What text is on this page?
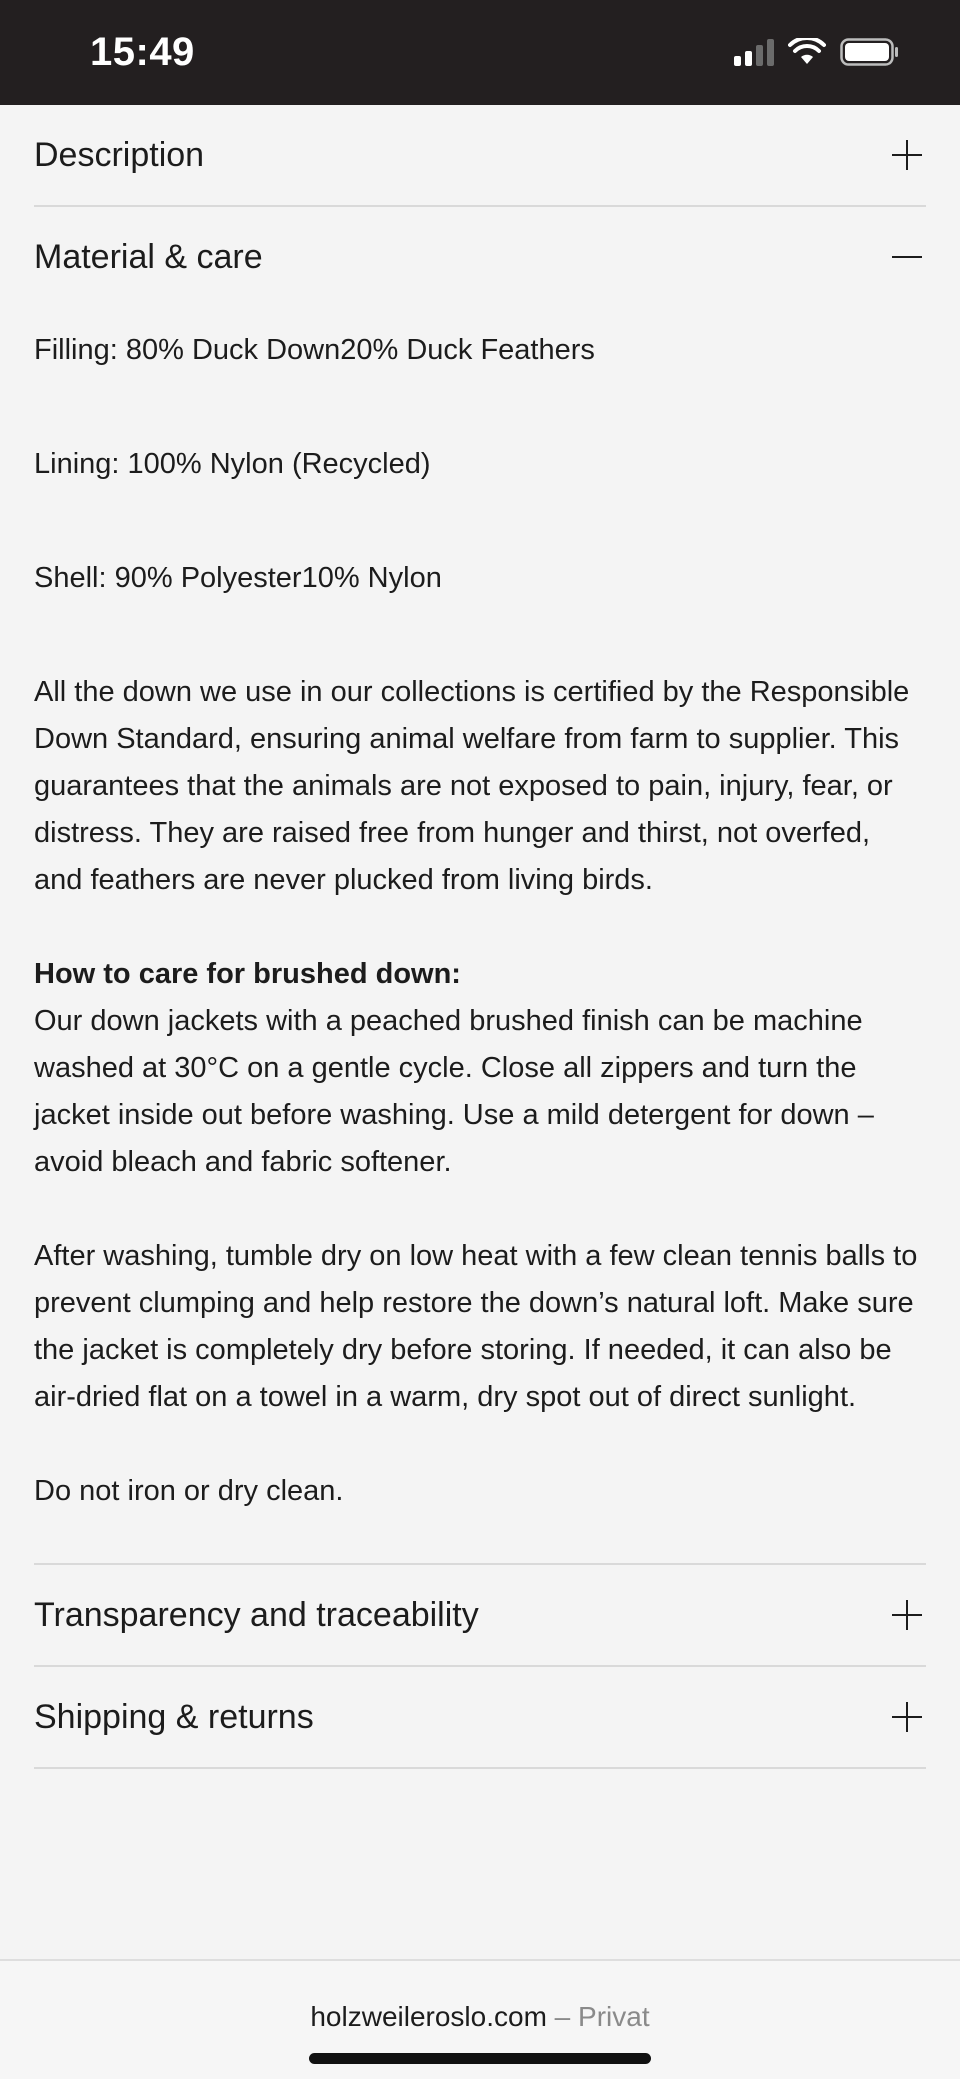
15:49
Description
Material & care

Filling: 80% Duck Down20% Duck Feathers

Lining: 100% Nylon (Recycled)

Shell: 90% Polyester10% Nylon

All the down we use in our collections is certified by the Responsible Down Standard, ensuring animal welfare from farm to supplier. This guarantees that the animals are not exposed to pain, injury, fear, or distress. They are raised free from hunger and thirst, not overfed, and feathers are never plucked from living birds.

How to care for brushed down:

Our down jackets with a peached brushed finish can be machine washed at 30°C on a gentle cycle. Close all zippers and turn the jacket inside out before washing. Use a mild detergent for down – avoid bleach and fabric softener.

After washing, tumble dry on low heat with a few clean tennis balls to prevent clumping and help restore the down’s natural loft. Make sure the jacket is completely dry before storing. If needed, it can also be air-dried flat on a towel in a warm, dry spot out of direct sunlight.

Do not iron or dry clean.

Transparency and traceability
Shipping & returns
holzweileroslo.com – Privat
